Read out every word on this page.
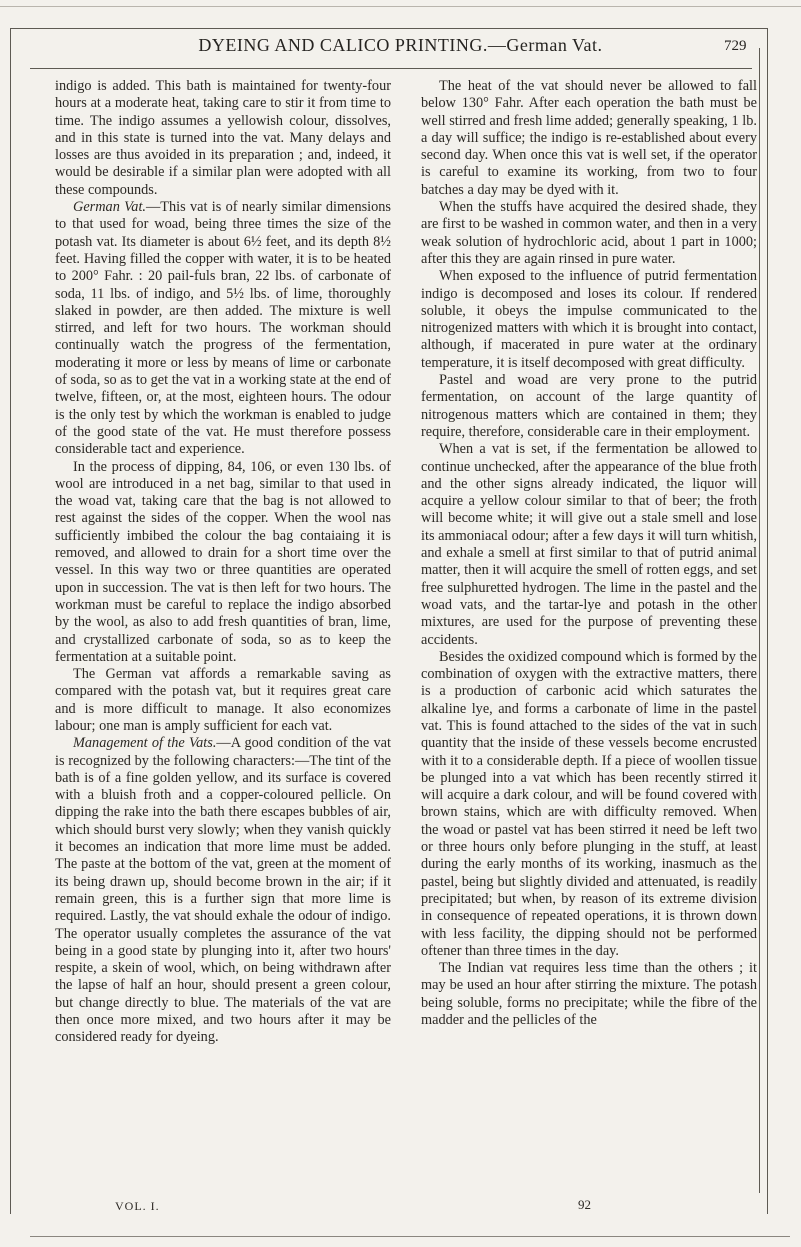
DYEING AND CALICO PRINTING.—German Vat.	729

indigo is added. This bath is maintained for twenty-four hours at a moderate heat, taking care to stir it from time to time. The indigo assumes a yellowish colour, dissolves, and in this state is turned into the vat. Many delays and losses are thus avoided in its preparation ; and, indeed, it would be desirable if a similar plan were adopted with all these compounds.

German Vat.—This vat is of nearly similar dimensions to that used for woad, being three times the size of the potash vat. Its diameter is about 6½ feet, and its depth 8½ feet. Having filled the copper with water, it is to be heated to 200° Fahr. : 20 pail-fuls bran, 22 lbs. of carbonate of soda, 11 lbs. of indigo, and 5½ lbs. of lime, thoroughly slaked in powder, are then added. The mixture is well stirred, and left for two hours. The workman should continually watch the progress of the fermentation, moderating it more or less by means of lime or carbonate of soda, so as to get the vat in a working state at the end of twelve, fifteen, or, at the most, eighteen hours. The odour is the only test by which the workman is enabled to judge of the good state of the vat. He must therefore possess considerable tact and experience.

In the process of dipping, 84, 106, or even 130 lbs. of wool are introduced in a net bag, similar to that used in the woad vat, taking care that the bag is not allowed to rest against the sides of the copper. When the wool nas sufficiently imbibed the colour the bag contaiaing it is removed, and allowed to drain for a short time over the vessel. In this way two or three quantities are operated upon in succession. The vat is then left for two hours. The workman must be careful to replace the indigo absorbed by the wool, as also to add fresh quantities of bran, lime, and crystallized carbonate of soda, so as to keep the fermentation at a suitable point.

The German vat affords a remarkable saving as compared with the potash vat, but it requires great care and is more difficult to manage. It also economizes labour; one man is amply sufficient for each vat.

Management of the Vats.—A good condition of the vat is recognized by the following characters:—The tint of the bath is of a fine golden yellow, and its surface is covered with a bluish froth and a copper-coloured pellicle. On dipping the rake into the bath there escapes bubbles of air, which should burst very slowly; when they vanish quickly it becomes an indication that more lime must be added. The paste at the bottom of the vat, green at the moment of its being drawn up, should become brown in the air; if it remain green, this is a further sign that more lime is required. Lastly, the vat should exhale the odour of indigo. The operator usually completes the assurance of the vat being in a good state by plunging into it, after two hours' respite, a skein of wool, which, on being withdrawn after the lapse of half an hour, should present a green colour, but change directly to blue. The materials of the vat are then once more mixed, and two hours after it may be considered ready for dyeing.

The heat of the vat should never be allowed to fall below 130° Fahr. After each operation the bath must be well stirred and fresh lime added; generally speaking, 1 lb. a day will suffice; the indigo is re-established about every second day. When once this vat is well set, if the operator is careful to examine its working, from two to four batches a day may be dyed with it.

When the stuffs have acquired the desired shade, they are first to be washed in common water, and then in a very weak solution of hydrochloric acid, about 1 part in 1000; after this they are again rinsed in pure water.

When exposed to the influence of putrid fermentation indigo is decomposed and loses its colour. If rendered soluble, it obeys the impulse communicated to the nitrogenized matters with which it is brought into contact, although, if macerated in pure water at the ordinary temperature, it is itself decomposed with great difficulty.

Pastel and woad are very prone to the putrid fermentation, on account of the large quantity of nitrogenous matters which are contained in them; they require, therefore, considerable care in their employment.

When a vat is set, if the fermentation be allowed to continue unchecked, after the appearance of the blue froth and the other signs already indicated, the liquor will acquire a yellow colour similar to that of beer; the froth will become white; it will give out a stale smell and lose its ammoniacal odour; after a few days it will turn whitish, and exhale a smell at first similar to that of putrid animal matter, then it will acquire the smell of rotten eggs, and set free sulphuretted hydrogen. The lime in the pastel and the woad vats, and the tartar-lye and potash in the other mixtures, are used for the purpose of preventing these accidents.

Besides the oxidized compound which is formed by the combination of oxygen with the extractive matters, there is a production of carbonic acid which saturates the alkaline lye, and forms a carbonate of lime in the pastel vat. This is found attached to the sides of the vat in such quantity that the inside of these vessels become encrusted with it to a considerable depth. If a piece of woollen tissue be plunged into a vat which has been recently stirred it will acquire a dark colour, and will be found covered with brown stains, which are with difficulty removed. When the woad or pastel vat has been stirred it need be left two or three hours only before plunging in the stuff, at least during the early months of its working, inasmuch as the pastel, being but slightly divided and attenuated, is readily precipitated; but when, by reason of its extreme division in consequence of repeated operations, it is thrown down with less facility, the dipping should not be performed oftener than three times in the day.

The Indian vat requires less time than the others ; it may be used an hour after stirring the mixture. The potash being soluble, forms no precipitate; while the fibre of the madder and the pellicles of the

VOL. I.	92
